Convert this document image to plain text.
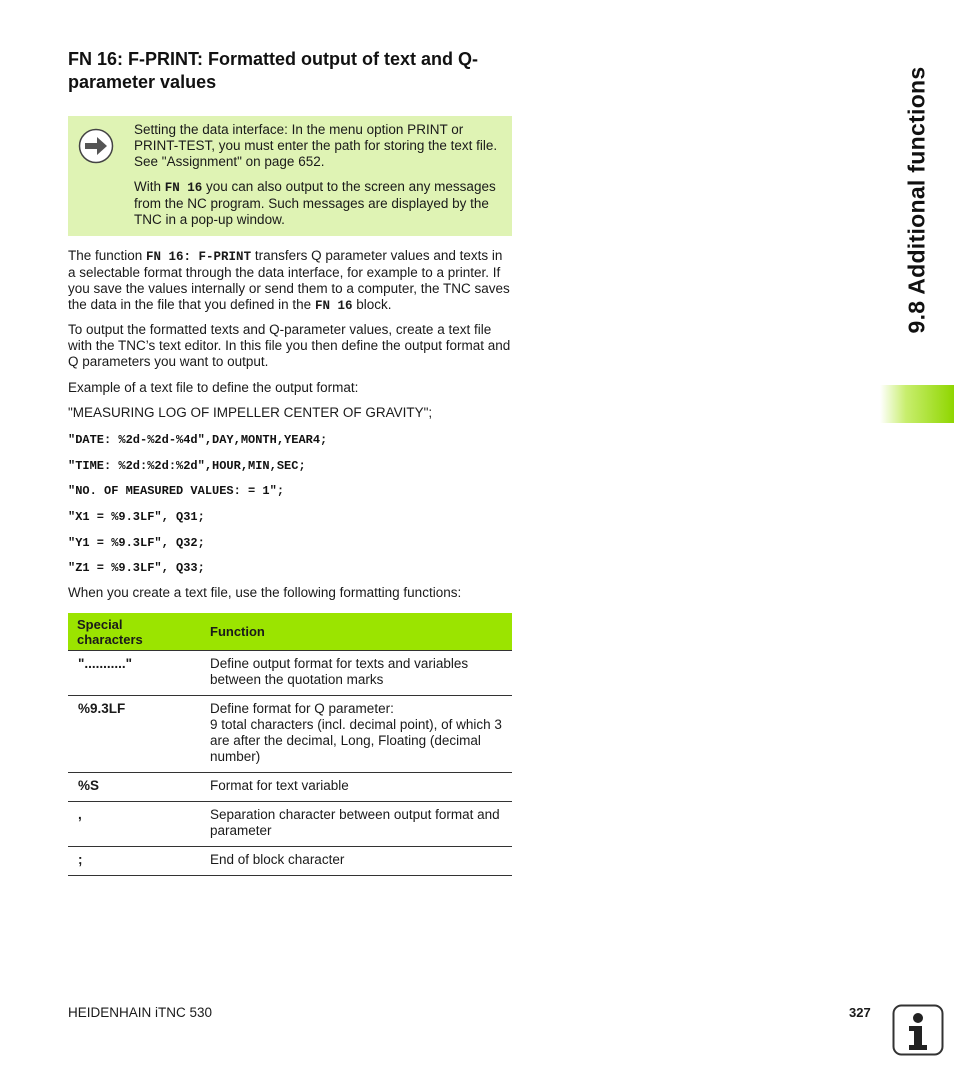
FN 16: F-PRINT: Formatted output of text and Q-parameter values	9.8 Additional functions

Setting the data interface: In the menu option PRINT or PRINT-TEST, you must enter the path for storing the text file. See "Assignment" on page 652.

With FN 16 you can also output to the screen any messages from the NC program. Such messages are displayed by the TNC in a pop-up window.

The function FN 16: F-PRINT transfers Q parameter values and texts in a selectable format through the data interface, for example to a printer. If you save the values internally or send them to a computer, the TNC saves the data in the file that you defined in the FN 16 block.

To output the formatted texts and Q-parameter values, create a text file with the TNC’s text editor. In this file you then define the output format and Q parameters you want to output.

Example of a text file to define the output format:
"MEASURING LOG OF IMPELLER CENTER OF GRAVITY";
"DATE: %2d-%2d-%4d",DAY,MONTH,YEAR4;
"TIME: %2d:%2d:%2d",HOUR,MIN,SEC;
"NO. OF MEASURED VALUES: = 1";
"X1 = %9.3LF", Q31;
"Y1 = %9.3LF", Q32;
"Z1 = %9.3LF", Q33;
When you create a text file, use the following formatting functions:
Special characters	Function
"..........."	Define output format for texts and variables between the quotation marks
%9.3LF	Define format for Q parameter:
9 total characters (incl. decimal point), of which 3 are after the decimal, Long, Floating (decimal number)
%S	Format for text variable
,	Separation character between output format and parameter
;	End of block character
HEIDENHAIN iTNC 530	327
